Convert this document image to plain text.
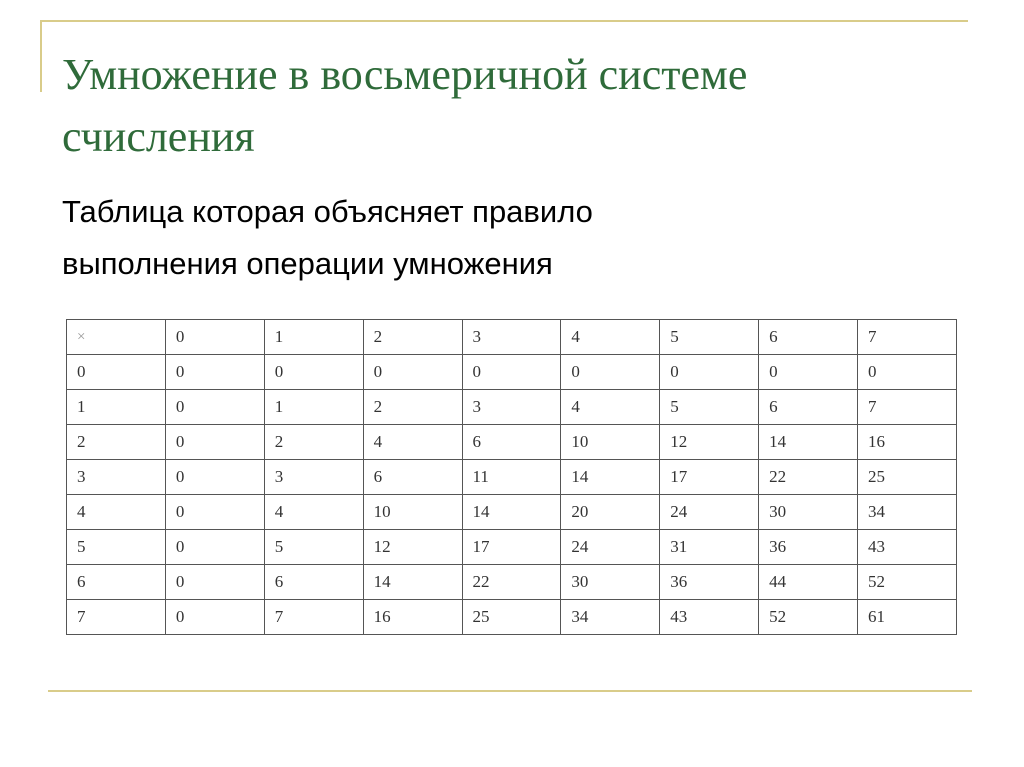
Умножение в восьмеричной системе
счисления

Таблица которая объясняет правило
выполнения операции умножения

×	0	1	2	3	4	5	6	7
0	0	0	0	0	0	0	0	0
1	0	1	2	3	4	5	6	7
2	0	2	4	6	10	12	14	16
3	0	3	6	11	14	17	22	25
4	0	4	10	14	20	24	30	34
5	0	5	12	17	24	31	36	43
6	0	6	14	22	30	36	44	52
7	0	7	16	25	34	43	52	61
